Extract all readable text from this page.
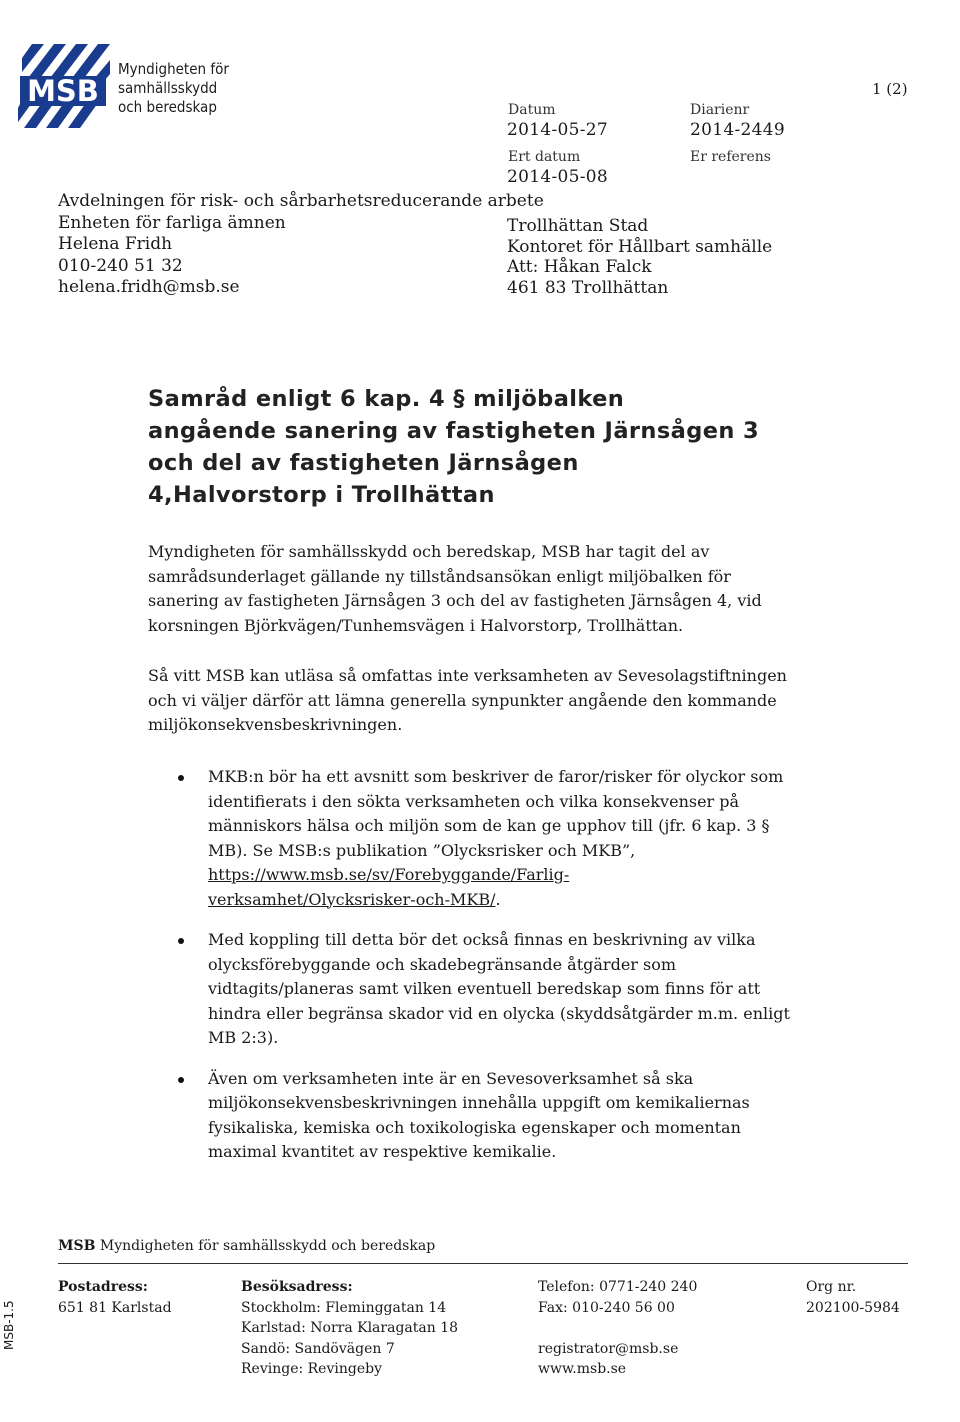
MSB
Myndigheten för
samhällsskydd
och beredskap
1 (2)
Datum
2014-05-27
Diarienr
2014-2449
Ert datum
2014-05-08
Er referens
Avdelningen för risk- och sårbarhetsreducerande arbete
Enheten för farliga ämnen
Helena Fridh
010-240 51 32
helena.fridh@msb.se
Trollhättan Stad
Kontoret för Hållbart samhälle
Att: Håkan Falck
461 83 Trollhättan
Samråd enligt 6 kap. 4 § miljöbalken
angående sanering av fastigheten Järnsågen 3
och del av fastigheten Järnsågen
4,Halvorstorp i Trollhättan
Myndigheten för samhällsskydd och beredskap, MSB har tagit del av
samrådsunderlaget gällande ny tillståndsansökan enligt miljöbalken för
sanering av fastigheten Järnsågen 3 och del av fastigheten Järnsågen 4, vid
korsningen Björkvägen/Tunhemsvägen i Halvorstorp, Trollhättan.
Så vitt MSB kan utläsa så omfattas inte verksamheten av Sevesolagstiftningen
och vi väljer därför att lämna generella synpunkter angående den kommande
miljökonsekvensbeskrivningen.
MKB:n bör ha ett avsnitt som beskriver de faror/risker för olyckor som
identifierats i den sökta verksamheten och vilka konsekvenser på
människors hälsa och miljön som de kan ge upphov till (jfr. 6 kap. 3 §
MB). Se MSB:s publikation ”Olycksrisker och MKB”,
https://www.msb.se/sv/Forebyggande/Farlig-
verksamhet/Olycksrisker-och-MKB/.
Med koppling till detta bör det också finnas en beskrivning av vilka
olycksförebyggande och skadebegränsande åtgärder som
vidtagits/planeras samt vilken eventuell beredskap som finns för att
hindra eller begränsa skador vid en olycka (skyddsåtgärder m.m. enligt
MB 2:3).
Även om verksamheten inte är en Sevesoverksamhet så ska
miljökonsekvensbeskrivningen innehålla uppgift om kemikaliernas
fysikaliska, kemiska och toxikologiska egenskaper och momentan
maximal kvantitet av respektive kemikalie.
MSB Myndigheten för samhällsskydd och beredskap
Postadress:
651 81 Karlstad
Besöksadress:
Stockholm: Fleminggatan 14
Karlstad: Norra Klaragatan 18
Sandö: Sandövägen 7
Revinge: Revingeby
Telefon: 0771-240 240
Fax: 010-240 56 00

registrator@msb.se
www.msb.se
Org nr.
202100-5984
MSB-1.5
